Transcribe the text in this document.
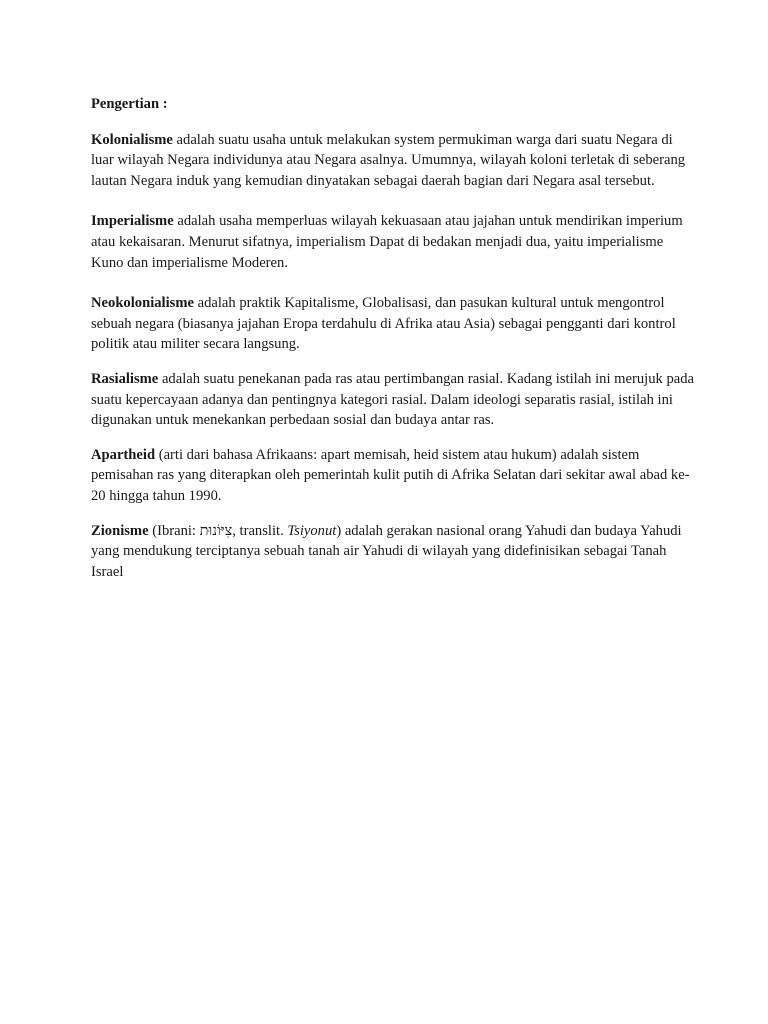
Pengertian :

Kolonialisme adalah suatu usaha untuk melakukan system permukiman warga dari suatu Negara di luar wilayah Negara individunya atau Negara asalnya. Umumnya, wilayah koloni terletak di seberang lautan Negara induk yang kemudian dinyatakan sebagai daerah bagian dari Negara asal tersebut.

Imperialisme adalah usaha memperluas wilayah kekuasaan atau jajahan untuk mendirikan imperium atau kekaisaran. Menurut sifatnya, imperialism Dapat di bedakan menjadi dua, yaitu imperialisme Kuno dan imperialisme Moderen.

Neokolonialisme adalah praktik Kapitalisme, Globalisasi, dan pasukan kultural untuk mengontrol sebuah negara (biasanya jajahan Eropa terdahulu di Afrika atau Asia) sebagai pengganti dari kontrol politik atau militer secara langsung.

Rasialisme adalah suatu penekanan pada ras atau pertimbangan rasial. Kadang istilah ini merujuk pada suatu kepercayaan adanya dan pentingnya kategori rasial. Dalam ideologi separatis rasial, istilah ini digunakan untuk menekankan perbedaan sosial dan budaya antar ras.

Apartheid (arti dari bahasa Afrikaans: apart memisah, heid sistem atau hukum) adalah sistem pemisahan ras yang diterapkan oleh pemerintah kulit putih di Afrika Selatan dari sekitar awal abad ke-20 hingga tahun 1990.

Zionisme (Ibrani: צִיּוֹנוּת, translit. Tsiyonut) adalah gerakan nasional orang Yahudi dan budaya Yahudi yang mendukung terciptanya sebuah tanah air Yahudi di wilayah yang didefinisikan sebagai Tanah Israel
